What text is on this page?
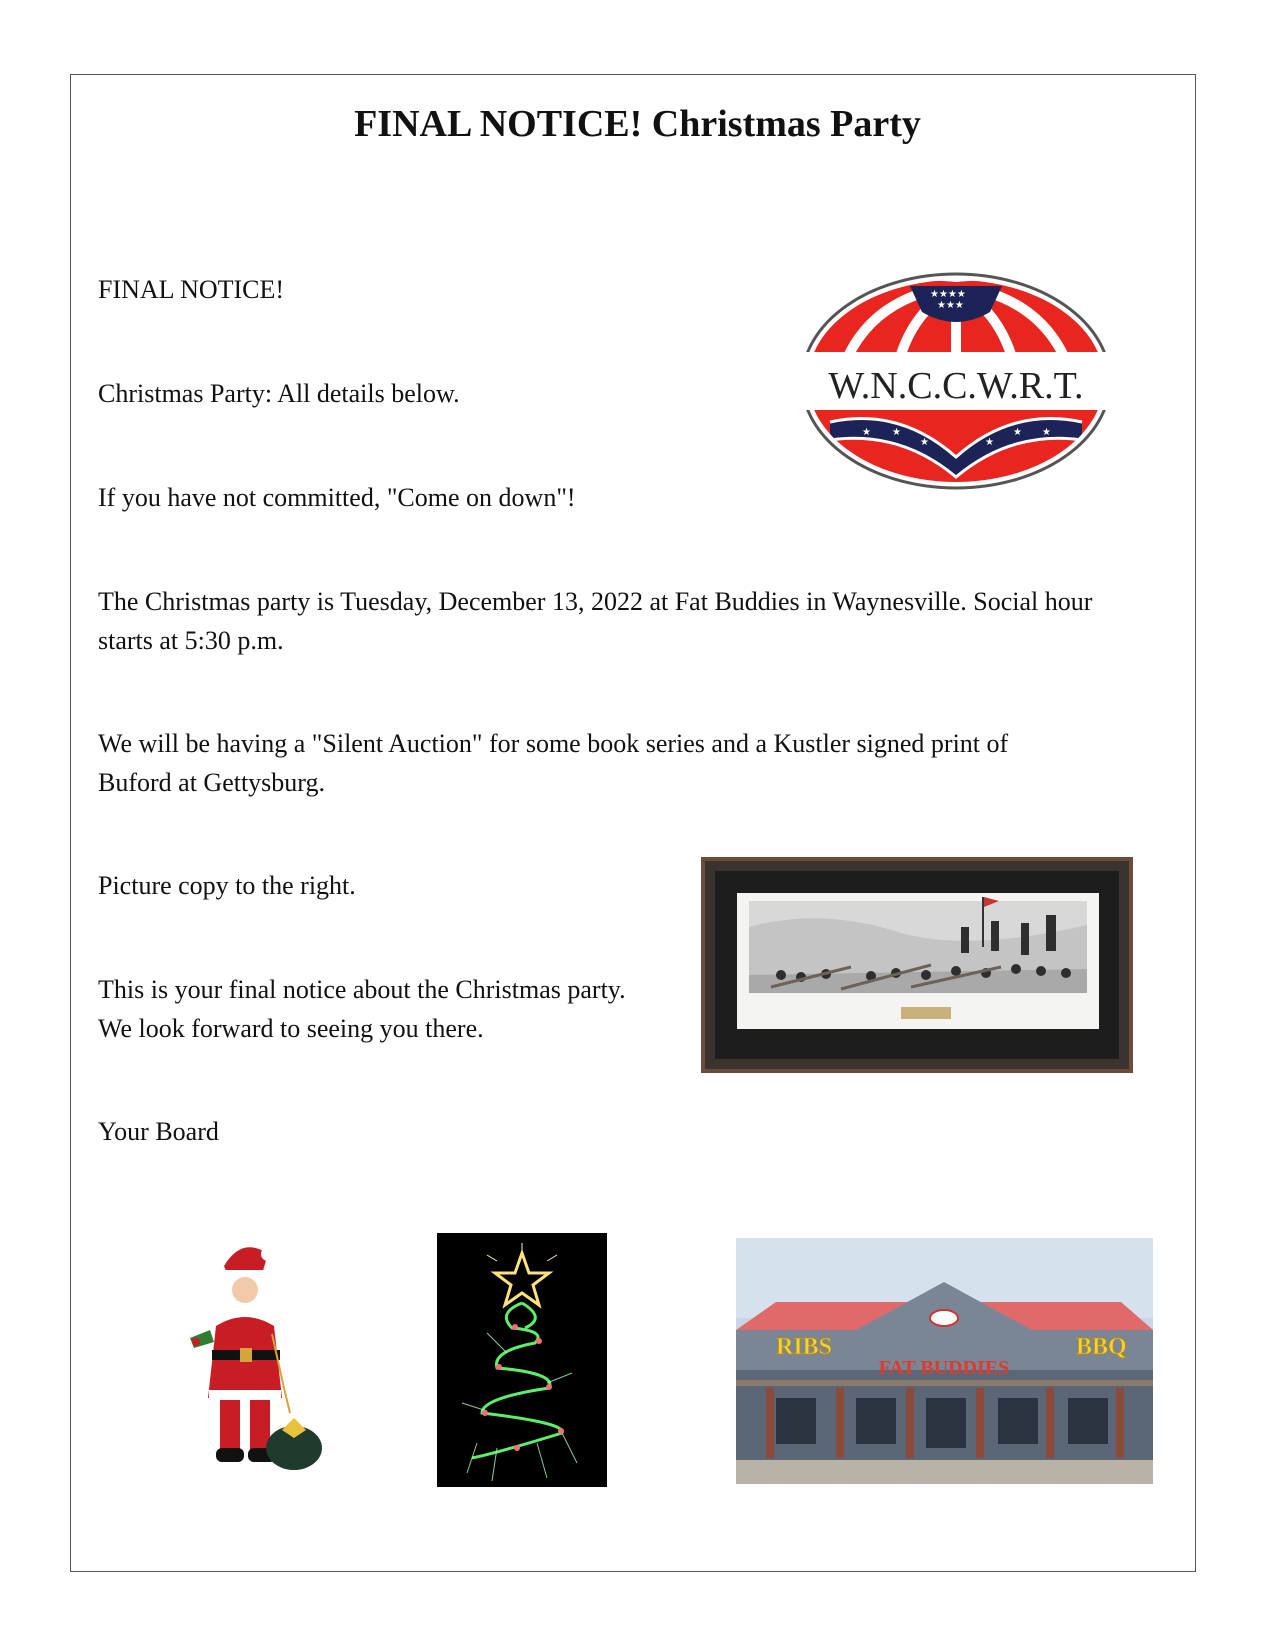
FINAL NOTICE! Christmas Party
FINAL NOTICE!
Christmas Party: All details below.
If you have not committed, "Come on down"!
The Christmas party is Tuesday, December 13, 2022 at Fat Buddies in Waynesville. Social hour
starts at 5:30 p.m.
We will be having a "Silent Auction" for some book series and a Kustler signed print of
Buford at Gettysburg.
Picture copy to the right.
This is your final notice about the Christmas party.
We look forward to seeing you there.
Your Board
★★★★
★★★
★ ★
★	★
★ ★
W.N.C.C.W.R.T.
RIBS
FAT BUDDIES
BBQ
